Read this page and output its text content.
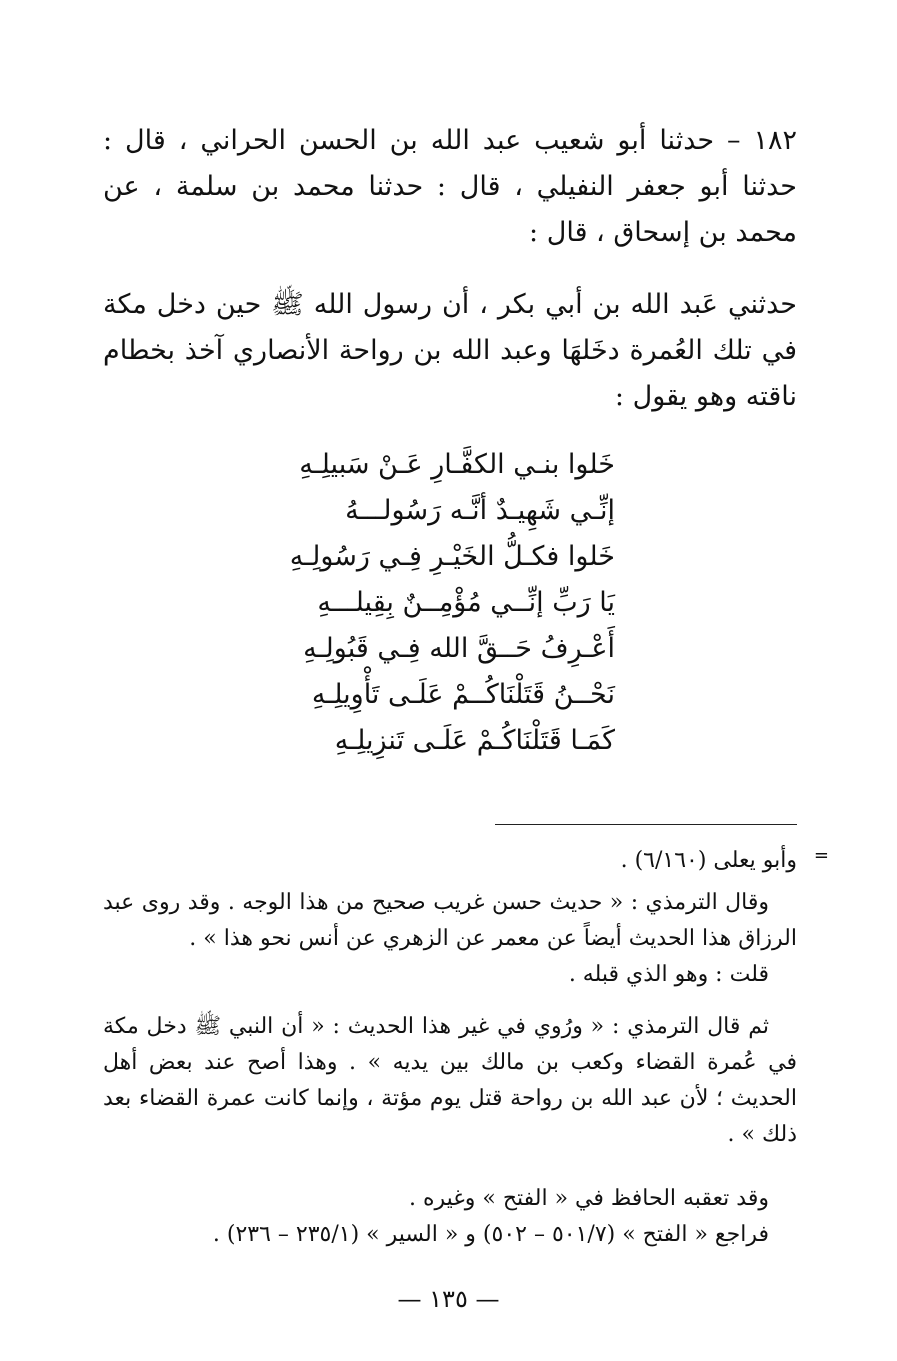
١٨٢ – حدثنا أبو شعيب عبد الله بن الحسن الحراني ، قال : حدثنا أبو جعفر النفيلي ، قال : حدثنا محمد بن سلمة ، عن محمد بن إسحاق ، قال :
حدثني عَبد الله بن أبي بكر ، أن رسول الله ﷺ حين دخل مكة في تلك العُمرة دخَلهَا وعبد الله بن رواحة الأنصاري آخذ بخطام ناقته وهو يقول :
خَلوا بنـي الكفَّـارِ عَـنْ سَبيلِـهِ
إنِّـي شَهِيـدٌ أنَّـه رَسُولـــهُ
خَلوا فكـلُّ الخَيْـرِ فِـي رَسُولِـهِ
يَا رَبِّ إنِّــي مُؤْمِــنٌ بِقِيلـــهِ
أَعْـرِفُ حَــقَّ الله فِـي قَبُولِـهِ
نَحْــنُ قَتَلْنَاكُــمْ عَلَـى تَأْوِيلِـهِ
كَمَـا قَتَلْنَاكُـمْ عَلَـى تَنزِيلِـهِ
=
وأبو يعلى (٦/١٦٠) .
وقال الترمذي : « حديث حسن غريب صحيح من هذا الوجه . وقد روى عبد الرزاق هذا الحديث أيضاً عن معمر عن الزهري عن أنس نحو هذا » .
قلت : وهو الذي قبله .
ثم قال الترمذي : « ورُوي في غير هذا الحديث : « أن النبي ﷺ دخل مكة في عُمرة القضاء وكعب بن مالك بين يديه » . وهذا أصح عند بعض أهل الحديث ؛ لأن عبد الله بن رواحة قتل يوم مؤتة ، وإنما كانت عمرة القضاء بعد ذلك » .
وقد تعقبه الحافظ في « الفتح » وغيره .
فراجع « الفتح » (٥٠١/٧ – ٥٠٢) و « السير » (٢٣٥/١ – ٢٣٦) .
— ١٣٥ —
